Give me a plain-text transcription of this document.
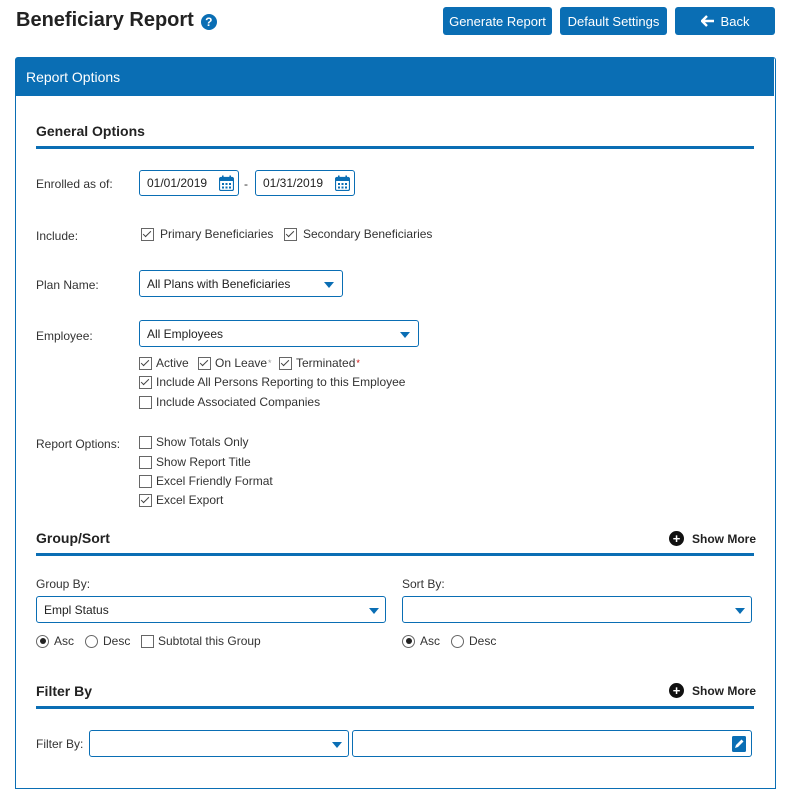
Beneficiary Report ?	Generate Report	Default Settings	Back
Report Options
General Options
Enrolled as of:	01/01/2019	- 01/31/2019
Include:	Primary Beneficiaries Secondary Beneficiaries
Plan Name:	All Plans with Beneficiaries
Employee:	All Employees
Active On Leave * Terminated *
Include All Persons Reporting to this Employee
Include Associated Companies
Report Options:	Show Totals Only
Show Report Title
Excel Friendly Format
Excel Export
Group/Sort	+ Show More
Group By:
Empl Status
Asc Desc Subtotal this Group
Sort By:
Asc Desc
Filter By	+ Show More
Filter By:
